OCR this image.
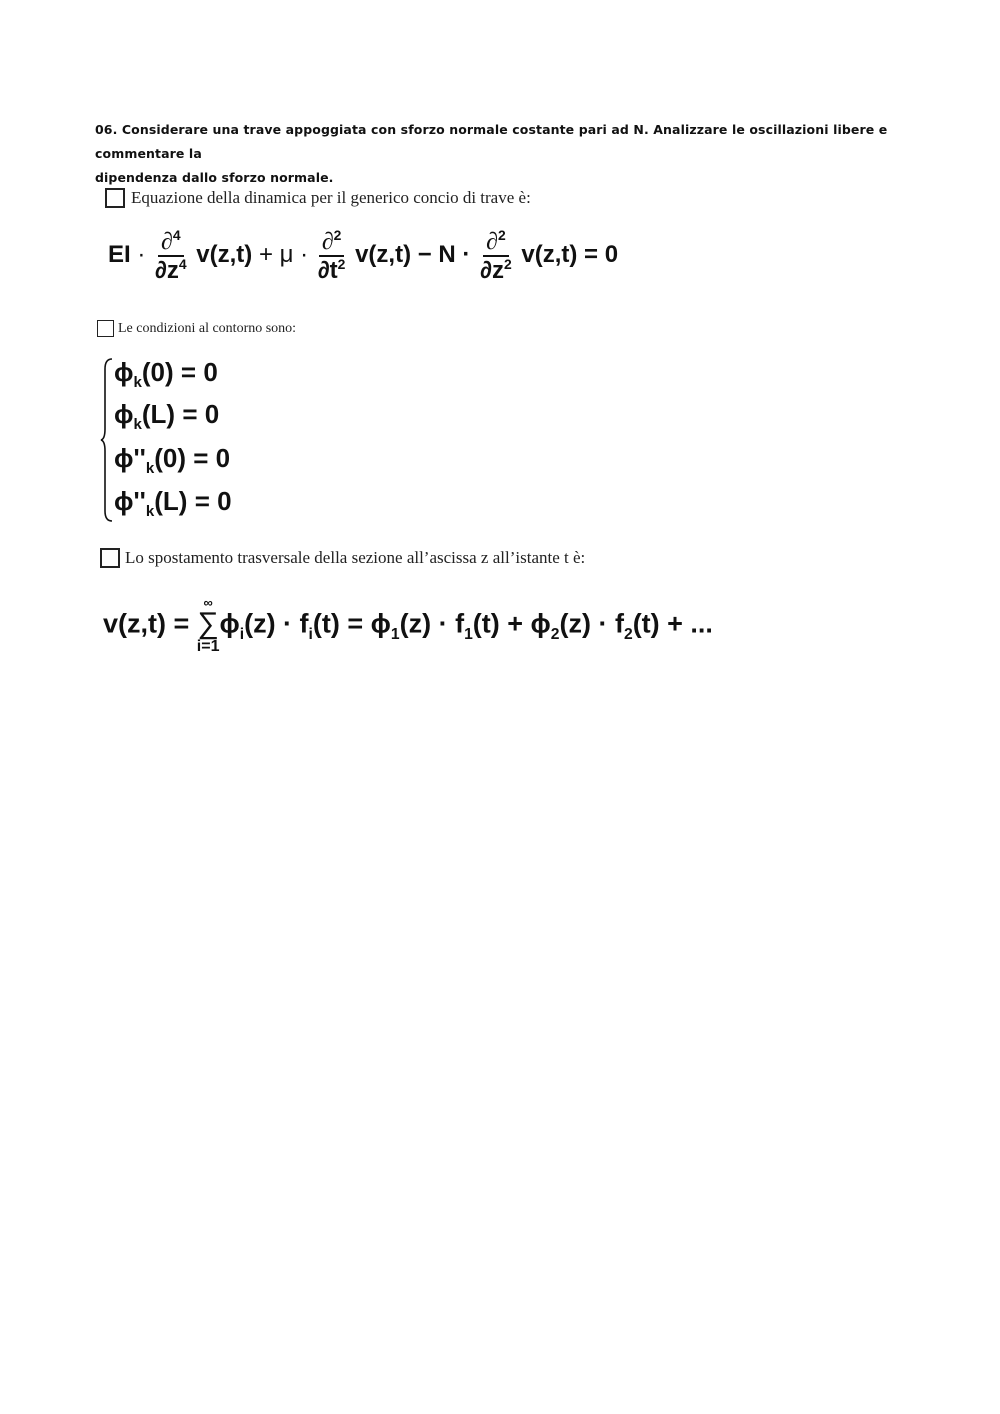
06. Considerare una trave appoggiata con sforzo normale costante pari ad N. Analizzare le oscillazioni libere e commentare la
dipendenza dallo sforzo normale.
Equazione della dinamica per il generico concio di trave è:
EI · $\frac{\partial^4}{\partial z^4} v(z,t) + \mu \cdot \frac{\partial^2}{\partial t^2} v(z,t) - N \cdot \frac{\partial^2}{\partial z^2} v(z,t) = 0$
Le condizioni al contorno sono:
$\phi_k(0) = 0$
$\phi_k(L) = 0$
$\phi''_k(0) = 0$
$\phi''_k(L) = 0$
Lo spostamento trasversale della sezione all’ascissa z all’istante t è:
v(z,t) =
∞
∑
i=1
$\phi_i(z) \cdot f_i(t) = \phi_1(z) \cdot f_1(t) + \phi_2(z) \cdot f_2(t)$ + ...
